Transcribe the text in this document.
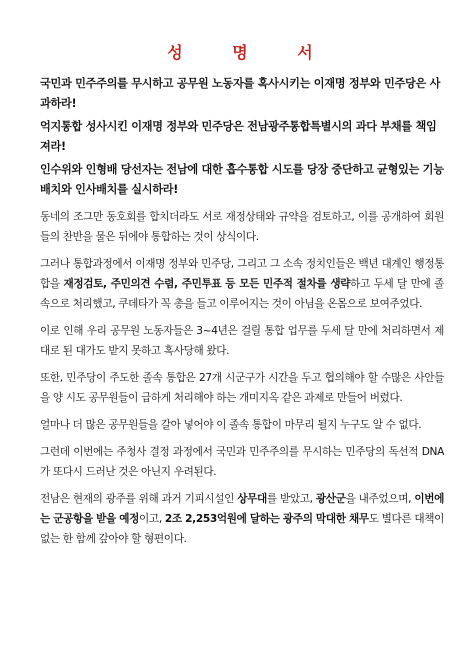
성 명 서

국민과 민주주의를 무시하고 공무원 노동자를 혹사시키는 이재명 정부와 민주당은 사과하라!

억지통합 성사시킨 이재명 정부와 민주당은 전남광주통합특별시의 과다 부채를 책임져라!

인수위와 인형배 당선자는 전남에 대한 흡수통합 시도를 당장 중단하고 균형있는 기능배치와 인사배치를 실시하라!

동네의 조그만 동호회를 합치더라도 서로 재정상태와 규약을 검토하고, 이를 공개하여 회원들의 찬반을 물은 뒤에야 통합하는 것이 상식이다.

그러나 통합과정에서 이재명 정부와 민주당, 그리고 그 소속 정치인들은 백년 대계인 행정통합을 재정검토, 주민의견 수렴, 주민투표 등 모든 민주적 절차를 생략하고 두세 달 만에 졸속으로 처리했고, 쿠데타가 꼭 총을 들고 이루어지는 것이 아님을 온몸으로 보여주었다.

이로 인해 우리 공무원 노동자들은 3~4년은 걸릴 통합 업무를 두세 달 만에 처리하면서 제대로 된 대가도 받지 못하고 혹사당해 왔다.

또한, 민주당이 주도한 졸속 통합은 27개 시군구가 시간을 두고 협의해야 할 수많은 사안들을 양 시도 공무원들이 급하게 처리해야 하는 개미지옥 같은 과제로 만들어 버렸다.

얼마나 더 많은 공무원들을 갈아 넣어야 이 졸속 통합이 마무리 될지 누구도 알 수 없다.

그런데 이번에는 주청사 결정 과정에서 국민과 민주주의를 무시하는 민주당의 독선적 DNA가 또다시 드러난 것은 아닌지 우려된다.

전남은 현재의 광주를 위해 과거 기피시설인 상무대를 받았고, 광산군을 내주었으며, 이번에는 군공항을 받을 예정이고, 2조 2,253억원에 달하는 광주의 막대한 채무도 별다른 대책이 없는 한 함께 갚아야 할 형편이다.
